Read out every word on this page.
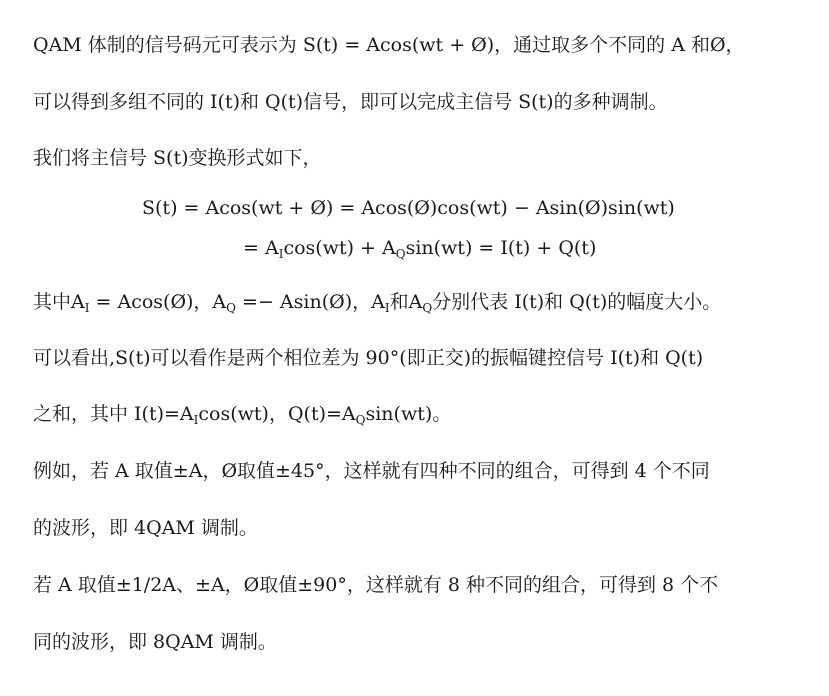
QAM 体制的信号码元可表示为 S(t) = Acos(wt + Ø)，通过取多个不同的 A 和Ø，
可以得到多组不同的 I(t)和 Q(t)信号，即可以完成主信号 S(t)的多种调制。
我们将主信号 S(t)变换形式如下，
S(t) = Acos(wt + Ø) = Acos(Ø)cos(wt) − Asin(Ø)sin(wt)
= $A_I\cos(wt) + A_Q\sin(wt) = I(t) + Q(t)$
其中$A_I$ = Acos(Ø)，$A_Q$ =− Asin(Ø)，$A_I$和$A_Q$分别代表 I(t)和 Q(t)的幅度大小。
可以看出,S(t)可以看作是两个相位差为 90°(即正交)的振幅键控信号 I(t)和 Q(t)
之和，其中 $I(t)=A_I\cos(wt)$，$Q(t)=A_Q\sin(wt)$。
例如，若 A 取值±A，Ø取值±45°，这样就有四种不同的组合，可得到 4 个不同
的波形，即 4QAM 调制。
若 A 取值±1/2A、±A，Ø取值±90°，这样就有 8 种不同的组合，可得到 8 个不
同的波形，即 8QAM 调制。
